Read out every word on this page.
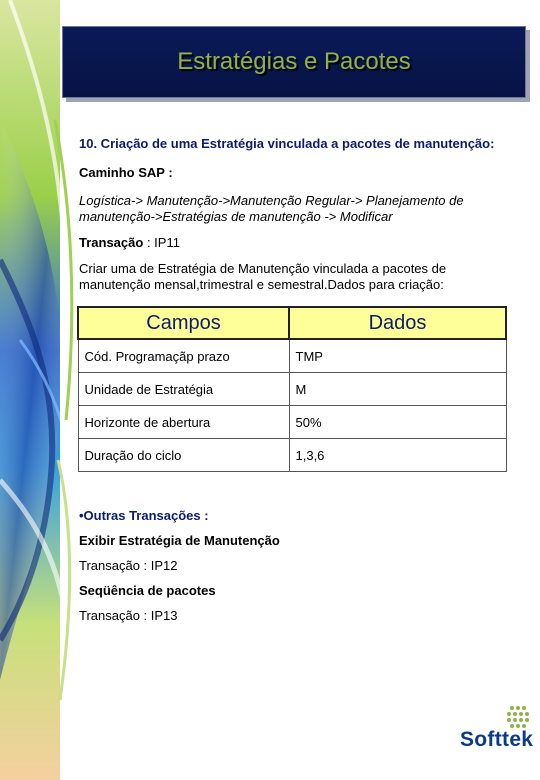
Estratégias e Pacotes

10. Criação de uma Estratégia vinculada a pacotes de manutenção:

Caminho SAP :

Logística-> Manutenção->Manutenção Regular-> Planejamento de manutenção->Estratégias de manutenção -> Modificar

Transação : IP11

Criar uma de Estratégia de Manutenção vinculada a pacotes de manutenção mensal,trimestral e semestral.Dados para criação:

Campos	Dados
Cód. Programaçãp prazo	TMP
Unidade de Estratégia	M
Horizonte de abertura	50%
Duração do ciclo	1,3,6

•Outras Transações :

Exibir Estratégia de Manutenção

Transação : IP12

Seqüência de pacotes

Transação : IP13

Softtek
